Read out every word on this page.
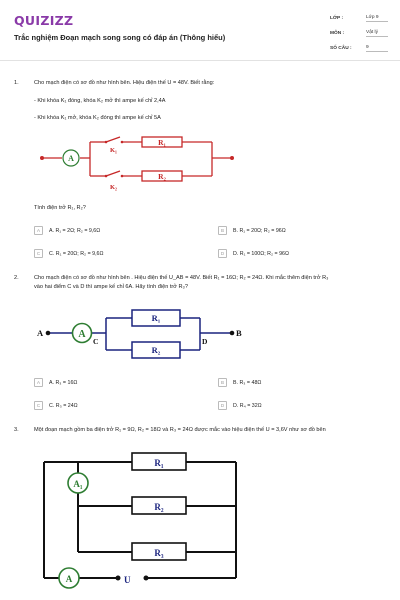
QUIZIZZ
Trắc nghiệm Đoạn mạch song song có đáp án (Thông hiểu)
LỚP :	Lớp 9
MÔN :	Vật lý
SỐ CÂU :	9
1.	Cho mạch điện có sơ đồ như hình bên. Hiệu điện thế U = 48V. Biết rằng:
- Khi khóa K₁ đóng, khóa K₂ mở thì ampe kế chỉ 2,4A
- Khi khóa K₁ mở, khóa K₂ đóng thì ampe kế chỉ 5A
A
K₁
K₂
R₁
R₂
Tính điện trở R₁, R₂?
A	A. R₁ = 2Ω; R₂ = 9,6Ω	B	B. R₁ = 20Ω; R₂ = 96Ω
C	C. R₁ = 20Ω; R₂ = 9,6Ω	D	D. R₁ = 100Ω; R₂ = 96Ω
2.	Cho mạch điện có sơ đồ như hình bên . Hiệu điện thế U_AB = 48V. Biết R₁ = 16Ω; R₂ = 24Ω. Khi mắc thêm điện trở R₃
vào hai điểm C và D thì ampe kế chỉ 6A. Hãy tính điện trở R₃?
A
A	B
C	D
R₁
R₂
A	A. R₃ = 16Ω	B	B. R₃ = 48Ω
C	C. R₃ = 24Ω	D	D. R₄ = 32Ω
3.	Một đoạn mạch gồm ba điện trở R₁ = 9Ω, R₂ = 18Ω và R₃ = 24Ω được mắc vào hiệu điện thế U = 3,6V như sơ đồ bên
A₁
A	U
R₁
R₂
R₃
